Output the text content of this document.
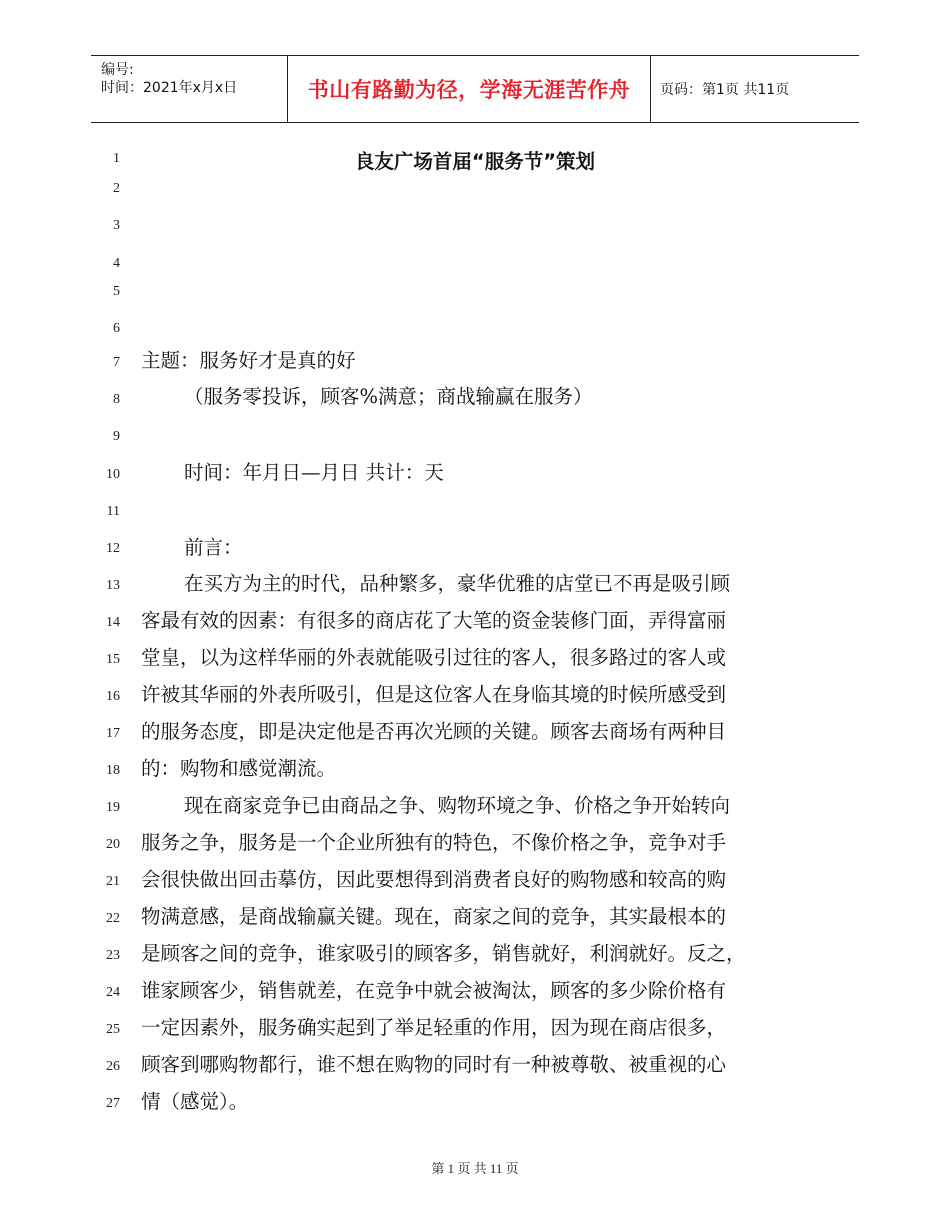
编号:
时间：2021年x月x日	书山有路勤为径，学海无涯苦作舟	页码：第1页 共11页
良友广场首届“服务节”策划
1
2
3
4
5
6
7
8
9
10
11
12
13
14
15
16
17
18
19
20
21
22
23
24
25
26
27
主题：服务好才是真的好
（服务零投诉，顾客%满意；商战输赢在服务）
时间：年月日—月日 共计：天
前言：
在买方为主的时代，品种繁多，豪华优雅的店堂已不再是吸引顾
客最有效的因素：有很多的商店花了大笔的资金装修门面，弄得富丽
堂皇，以为这样华丽的外表就能吸引过往的客人，很多路过的客人或
许被其华丽的外表所吸引，但是这位客人在身临其境的时候所感受到
的服务态度，即是决定他是否再次光顾的关键。顾客去商场有两种目
的：购物和感觉潮流。
现在商家竞争已由商品之争、购物环境之争、价格之争开始转向
服务之争，服务是一个企业所独有的特色，不像价格之争，竞争对手
会很快做出回击摹仿，因此要想得到消费者良好的购物感和较高的购
物满意感，是商战输赢关键。现在，商家之间的竞争，其实最根本的
是顾客之间的竞争，谁家吸引的顾客多，销售就好，利润就好。反之，
谁家顾客少，销售就差，在竞争中就会被淘汰，顾客的多少除价格有
一定因素外，服务确实起到了举足轻重的作用，因为现在商店很多，
顾客到哪购物都行，谁不想在购物的同时有一种被尊敬、被重视的心
情（感觉）。
第 1 页 共 11 页
